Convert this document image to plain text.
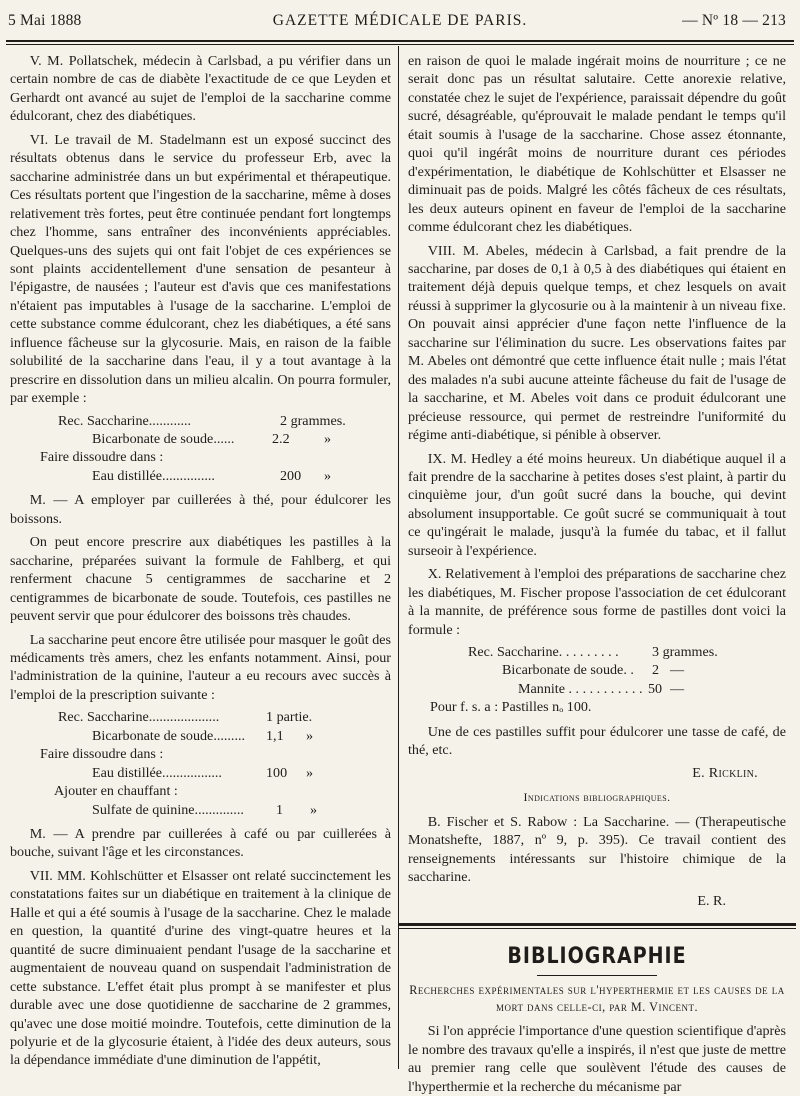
5 Mai 1888	GAZETTE MÉDICALE DE PARIS.	— Nº 18 — 213

V. M. Pollatschek, médecin à Carlsbad, a pu vérifier dans un certain nombre de cas de diabète l'exactitude de ce que Leyden et Gerhardt ont avancé au sujet de l'emploi de la saccharine comme édulcorant, chez des diabétiques.

VI. Le travail de M. Stadelmann est un exposé succinct des résultats obtenus dans le service du professeur Erb, avec la saccharine administrée dans un but expérimental et thérapeutique. Ces résultats portent que l'ingestion de la saccharine, même à doses relativement très fortes, peut être continuée pendant fort longtemps chez l'homme, sans entraîner des inconvénients appréciables. Quelques-uns des sujets qui ont fait l'objet de ces expériences se sont plaints accidentellement d'une sensation de pesanteur à l'épigastre, de nausées ; l'auteur est d'avis que ces manifestations n'étaient pas imputables à l'usage de la saccharine. L'emploi de cette substance comme édulcorant, chez les diabétiques, a été sans influence fâcheuse sur la glycosurie. Mais, en raison de la faible solubilité de la saccharine dans l'eau, il y a tout avantage à la prescrire en dissolution dans un milieu alcalin. On pourra formuler, par exemple :

Rec. Saccharine............	2 grammes.
Bicarbonate de soude......	2.2 »
Faire dissoudre dans :
Eau distillée...............	200 »

M. — A employer par cuillerées à thé, pour édulcorer les boissons.

On peut encore prescrire aux diabétiques les pastilles à la saccharine, préparées suivant la formule de Fahlberg, et qui renferment chacune 5 centigrammes de saccharine et 2 centigrammes de bicarbonate de soude. Toutefois, ces pastilles ne peuvent servir que pour édulcorer des boissons très chaudes.

La saccharine peut encore être utilisée pour masquer le goût des médicaments très amers, chez les enfants notamment. Ainsi, pour l'administration de la quinine, l'auteur a eu recours avec succès à l'emploi de la prescription suivante :

Rec. Saccharine....................	1 partie.
Bicarbonate de soude......... 1,1 »
Faire dissoudre dans :
Eau distillée.................	100 »
Ajouter en chauffant :
Sulfate de quinine.............. 1 »

M. — A prendre par cuillerées à café ou par cuillerées à bouche, suivant l'âge et les circonstances.

VII. MM. Kohlschütter et Elsasser ont relaté succinctement les constatations faites sur un diabétique en traitement à la clinique de Halle et qui a été soumis à l'usage de la saccharine. Chez le malade en question, la quantité d'urine des vingt-quatre heures et la quantité de sucre diminuaient pendant l'usage de la saccharine et augmentaient de nouveau quand on suspendait l'administration de cette substance. L'effet était plus prompt à se manifester et plus durable avec une dose quotidienne de saccharine de 2 grammes, qu'avec une dose moitié moindre. Toutefois, cette diminution de la polyurie et de la glycosurie étaient, à l'idée des deux auteurs, sous la dépendance immédiate d'une diminution de l'appétit,

en raison de quoi le malade ingérait moins de nourriture ; ce ne serait donc pas un résultat salutaire. Cette anorexie relative, constatée chez le sujet de l'expérience, paraissait dépendre du goût sucré, désagréable, qu'éprouvait le malade pendant le temps qu'il était soumis à l'usage de la saccharine. Chose assez étonnante, quoi qu'il ingérât moins de nourriture durant ces périodes d'expérimentation, le diabétique de Kohlschütter et Elsasser ne diminuait pas de poids. Malgré les côtés fâcheux de ces résultats, les deux auteurs opinent en faveur de l'emploi de la saccharine comme édulcorant chez les diabétiques.

VIII. M. Abeles, médecin à Carlsbad, a fait prendre de la saccharine, par doses de 0,1 à 0,5 à des diabétiques qui étaient en traitement déjà depuis quelque temps, et chez lesquels on avait réussi à supprimer la glycosurie ou à la maintenir à un niveau fixe. On pouvait ainsi apprécier d'une façon nette l'influence de la saccharine sur l'élimination du sucre. Les observations faites par M. Abeles ont démontré que cette influence était nulle ; mais l'état des malades n'a subi aucune atteinte fâcheuse du fait de l'usage de la saccharine, et M. Abeles voit dans ce produit édulcorant une précieuse ressource, qui permet de restreindre l'uniformité du régime anti-diabétique, si pénible à observer.

IX. M. Hedley a été moins heureux. Un diabétique auquel il a fait prendre de la saccharine à petites doses s'est plaint, à partir du cinquième jour, d'un goût sucré dans la bouche, qui devint absolument insupportable. Ce goût sucré se communiquait à tout ce qu'ingérait le malade, jusqu'à la fumée du tabac, et il fallut surseoir à l'expérience.

X. Relativement à l'emploi des préparations de saccharine chez les diabétiques, M. Fischer propose l'association de cet édulcorant à la mannite, de préférence sous forme de pastilles dont voici la formule :

Rec. Saccharine. . . . . . . . . 3 grammes.
Bicarbonate de soude. . 2 —
Mannite . . . . . . . . . . . 50 —
Pour f. s. a : Pastilles nₒ 100.

Une de ces pastilles suffit pour édulcorer une tasse de café, de thé, etc.

E. Ricklin.
Indications bibliographiques.

B. Fischer et S. Rabow : La Saccharine. — (Therapeutische Monatshefte, 1887, nº 9, p. 395). Ce travail contient des renseignements intéressants sur l'histoire chimique de la saccharine.

E. R.
BIBLIOGRAPHIE
Recherches expérimentales sur l'hyperthermie et les causes de la mort dans celle-ci, par M. Vincent.

Si l'on apprécie l'importance d'une question scientifique d'après le nombre des travaux qu'elle a inspirés, il n'est que juste de mettre au premier rang celle que soulèvent l'étude des causes de l'hyperthermie et la recherche du mécanisme par
